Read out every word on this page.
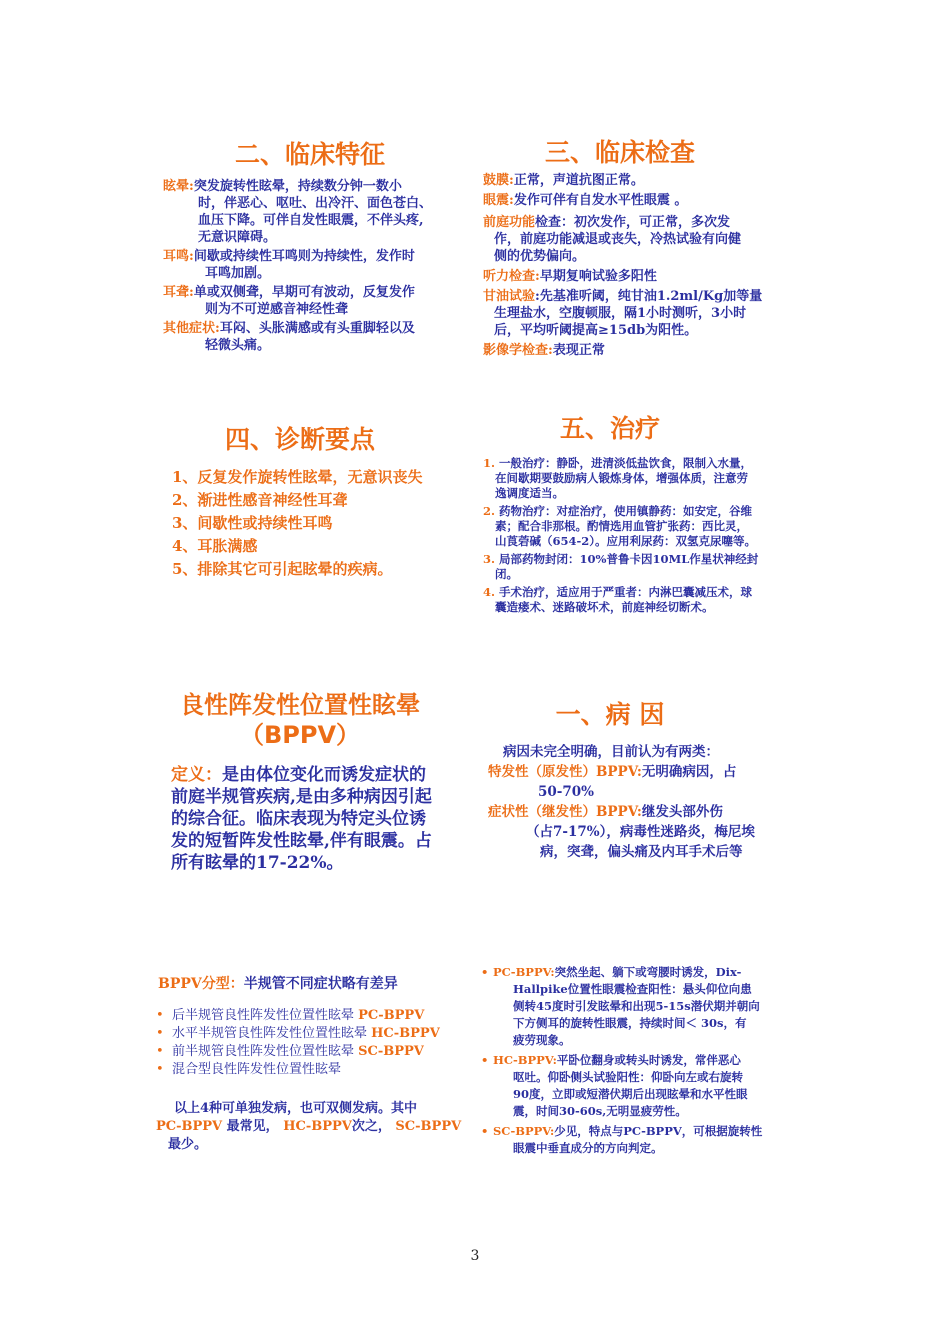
二、临床特征
眩晕:突发旋转性眩晕，持续数分钟一数小
时，伴恶心、呕吐、出冷汗、面色苍白、
血压下降。可伴自发性眼震，不伴头疼,
无意识障碍。
耳鸣:间歇或持续性耳鸣则为持续性，发作时
耳鸣加剧。
耳聋:单或双侧聋，早期可有波动，反复发作
则为不可逆感音神经性聋
其他症状:耳闷、头胀满感或有头重脚轻以及
轻微头痛。
三、临床检查
鼓膜:正常，声道抗图正常。
眼震:发作可伴有自发水平性眼震 。
前庭功能检查：初次发作，可正常，多次发
作，前庭功能减退或丧失，冷热试验有向健
侧的优势偏向。
听力检查:早期复响试验多阳性
甘油试验:先基准听阈，纯甘油1.2ml/Kg加等量
生理盐水，空腹顿服，隔1小时测听，3小时
后，平均听阈提高≥15db为阳性。
影像学检查:表现正常
四、诊断要点
1、反复发作旋转性眩晕，无意识丧失
2、渐进性感音神经性耳聋
3、间歇性或持续性耳鸣
4、耳胀满感
5、排除其它可引起眩晕的疾病。
五、治疗
1. 一般治疗：静卧，进清淡低盐饮食，限制入水量，
在间歇期要鼓励病人锻炼身体，增强体质，注意劳
逸调度适当。
2. 药物治疗：对症治疗，使用镇静药：如安定，谷维
素；配合非那根。酌情选用血管扩张药：西比灵，
山莨菪碱（654-2）。应用利尿药：双氢克尿噻等。
3. 局部药物封闭：10%普鲁卡因10ML作星状神经封
闭。
4. 手术治疗，适应用于严重者：内淋巴囊减压术，球
囊造瘘术、迷路破坏术，前庭神经切断术。
良性阵发性位置性眩晕
（BPPV）
定义：是由体位变化而诱发症状的
前庭半规管疾病,是由多种病因引起
的综合征。临床表现为特定头位诱
发的短暂阵发性眩晕,伴有眼震。占
所有眩晕的17-22%。
一、病 因
病因未完全明确，目前认为有两类：
特发性（原发性）BPPV:无明确病因，占
50-70%
症状性（继发性）BPPV:继发头部外伤
（占7-17%），病毒性迷路炎，梅尼埃
病，突聋，偏头痛及内耳手术后等
BPPV分型：半规管不同症状略有差异
• 后半规管良性阵发性位置性眩晕 PC-BPPV
• 水平半规管良性阵发性位置性眩晕 HC-BPPV
• 前半规管良性阵发性位置性眩晕 SC-BPPV
• 混合型良性阵发性位置性眩晕
以上4种可单独发病，也可双侧发病。其中
PC-BPPV 最常见， HC-BPPV次之， SC-BPPV
最少。
• PC-BPPV:突然坐起、躺下或弯腰时诱发，Dix-
Hallpike位置性眼震检查阳性：悬头仰位向患
侧转45度时引发眩晕和出现5-15s潜伏期并朝向
下方侧耳的旋转性眼震，持续时间＜ 30s，有
疲劳现象。
• HC-BPPV:平卧位翻身或转头时诱发，常伴恶心
呕吐。仰卧侧头试验阳性：仰卧向左或右旋转
90度，立即或短潜伏期后出现眩晕和水平性眼
震，时间30-60s,无明显疲劳性。
• SC-BPPV:少见，特点与PC-BPPV，可根据旋转性
眼震中垂直成分的方向判定。
3
